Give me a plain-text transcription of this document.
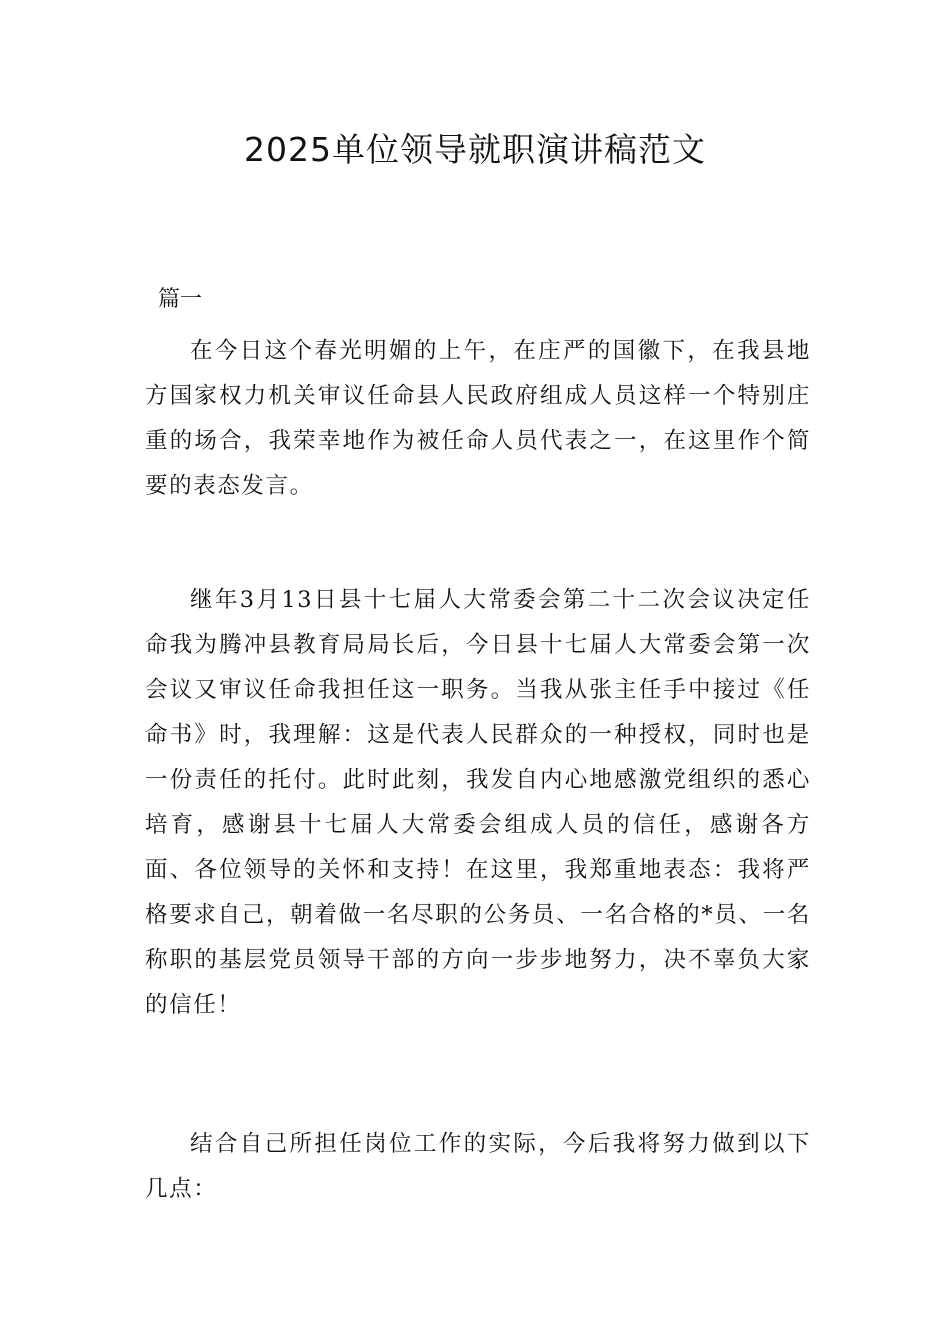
2025单位领导就职演讲稿范文
篇一

在今日这个春光明媚的上午，在庄严的国徽下，在我县地方国家权力机关审议任命县人民政府组成人员这样一个特别庄重的场合，我荣幸地作为被任命人员代表之一，在这里作个简要的表态发言。

继年3月13日县十七届人大常委会第二十二次会议决定任命我为腾冲县教育局局长后，今日县十七届人大常委会第一次会议又审议任命我担任这一职务。当我从张主任手中接过《任命书》时，我理解：这是代表人民群众的一种授权，同时也是一份责任的托付。此时此刻，我发自内心地感激党组织的悉心培育，感谢县十七届人大常委会组成人员的信任，感谢各方面、各位领导的关怀和支持！在这里，我郑重地表态：我将严格要求自己，朝着做一名尽职的公务员、一名合格的*员、一名称职的基层党员领导干部的方向一步步地努力，决不辜负大家的信任！

结合自己所担任岗位工作的实际，今后我将努力做到以下几点：
